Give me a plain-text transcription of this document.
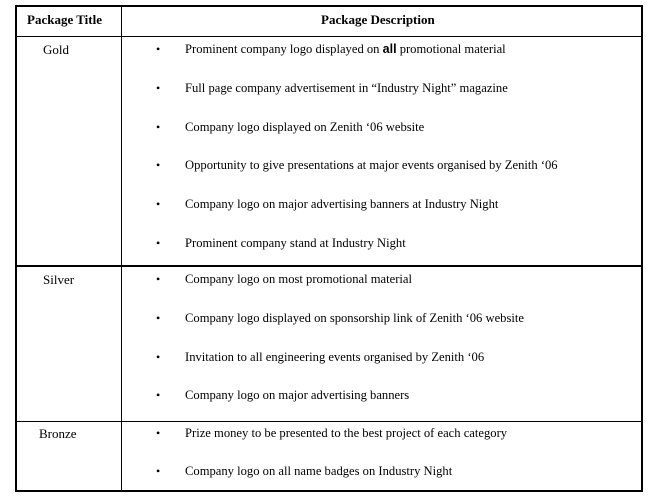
Package Title	Package Description
Gold	• Prominent company logo displayed on all promotional material
• Full page company advertisement in “Industry Night” magazine
• Company logo displayed on Zenith ‘06 website
• Opportunity to give presentations at major events organised by Zenith ‘06
• Company logo on major advertising banners at Industry Night
• Prominent company stand at Industry Night
Silver	• Company logo on most promotional material
• Company logo displayed on sponsorship link of Zenith ‘06 website
• Invitation to all engineering events organised by Zenith ‘06
• Company logo on major advertising banners
Bronze	• Prize money to be presented to the best project of each category
• Company logo on all name badges on Industry Night
